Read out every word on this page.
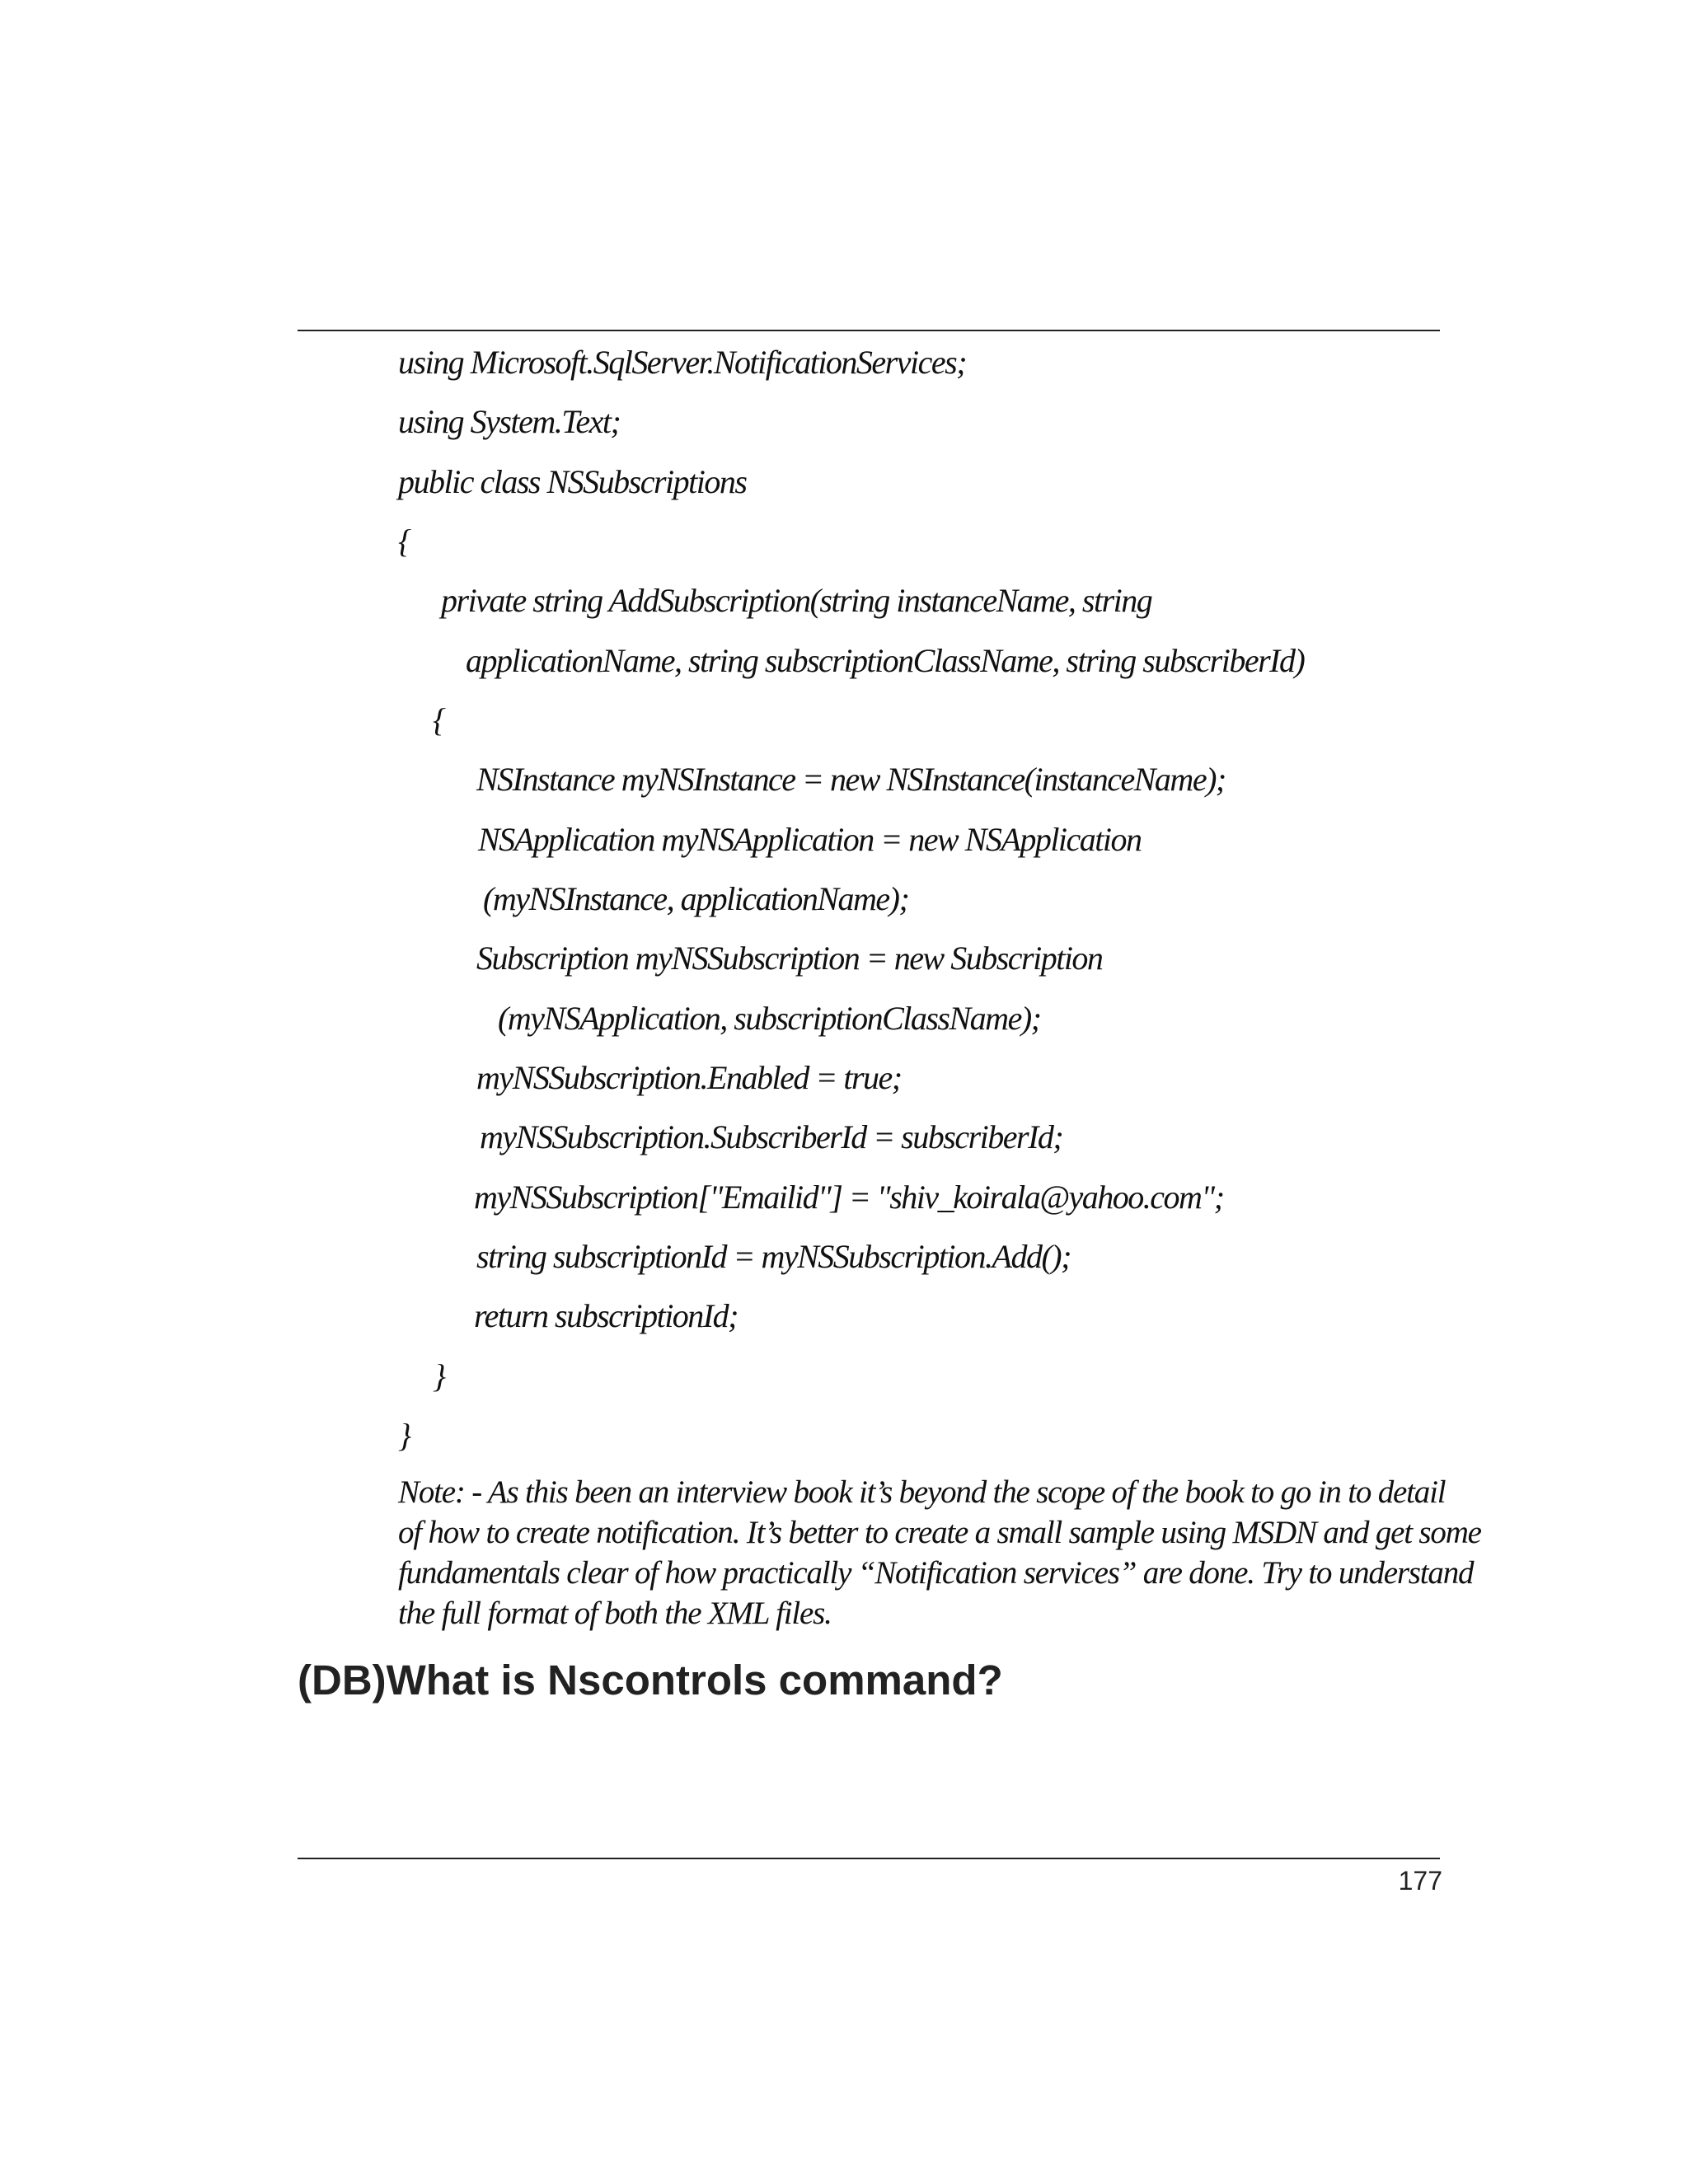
using Microsoft.SqlServer.NotificationServices;
using System.Text;
public class NSSubscriptions
{
private string AddSubscription(string instanceName, string
applicationName, string subscriptionClassName, string subscriberId)
{
NSInstance myNSInstance = new NSInstance(instanceName);
NSApplication myNSApplication = new NSApplication
(myNSInstance, applicationName);
Subscription myNSSubscription = new Subscription
(myNSApplication, subscriptionClassName);
myNSSubscription.Enabled = true;
myNSSubscription.SubscriberId = subscriberId;
myNSSubscription["Emailid"] = "shiv_koirala@yahoo.com";
string subscriptionId = myNSSubscription.Add();
return subscriptionId;
}
}
Note: - As this been an interview book it’s beyond the scope of the book to go in to detail
of how to create notification. It’s better to create a small sample using MSDN and get some
fundamentals clear of how practically “Notification services” are done. Try to understand
the full format of both the XML files.
(DB)What is Nscontrols command?
177
